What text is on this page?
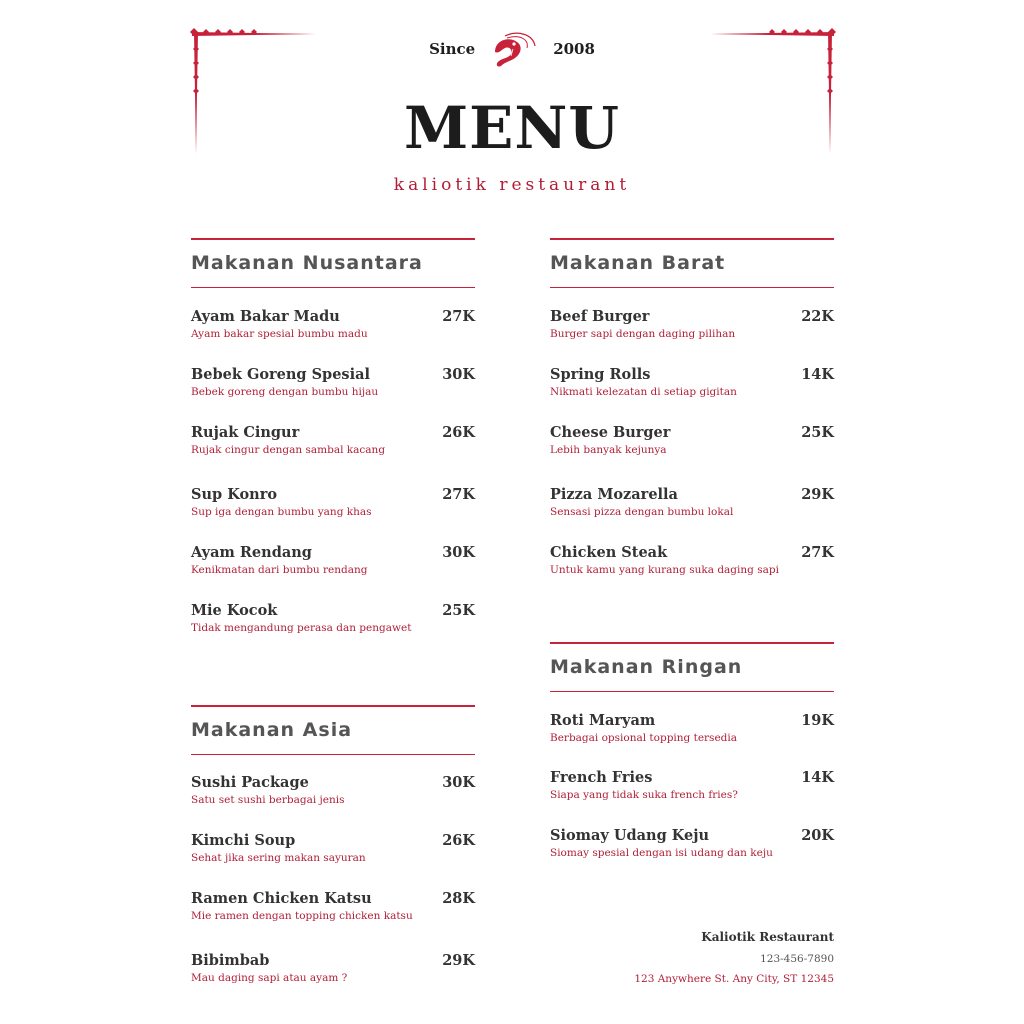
Since	2008
MENU
kaliotik restaurant
Makanan Nusantara
Ayam Bakar Madu	27K
Ayam bakar spesial bumbu madu
Bebek Goreng Spesial	30K
Bebek goreng dengan bumbu hijau
Rujak Cingur	26K
Rujak cingur dengan sambal kacang
Sup Konro	27K
Sup iga dengan bumbu yang khas
Ayam Rendang	30K
Kenikmatan dari bumbu rendang
Mie Kocok	25K
Tidak mengandung perasa dan pengawet
Makanan Asia
Sushi Package	30K
Satu set sushi berbagai jenis
Kimchi Soup	26K
Sehat jika sering makan sayuran
Ramen Chicken Katsu	28K
Mie ramen dengan topping chicken katsu
Bibimbab	29K
Mau daging sapi atau ayam ?
Makanan Barat
Beef Burger	22K
Burger sapi dengan daging pilihan
Spring Rolls	14K
Nikmati kelezatan di setiap gigitan
Cheese Burger	25K
Lebih banyak kejunya
Pizza Mozarella	29K
Sensasi pizza dengan bumbu lokal
Chicken Steak	27K
Untuk kamu yang kurang suka daging sapi
Makanan Ringan
Roti Maryam	19K
Berbagai opsional topping tersedia
French Fries	14K
Siapa yang tidak suka french fries?
Siomay Udang Keju	20K
Siomay spesial dengan isi udang dan keju
Kaliotik Restaurant
123-456-7890
123 Anywhere St. Any City, ST 12345
